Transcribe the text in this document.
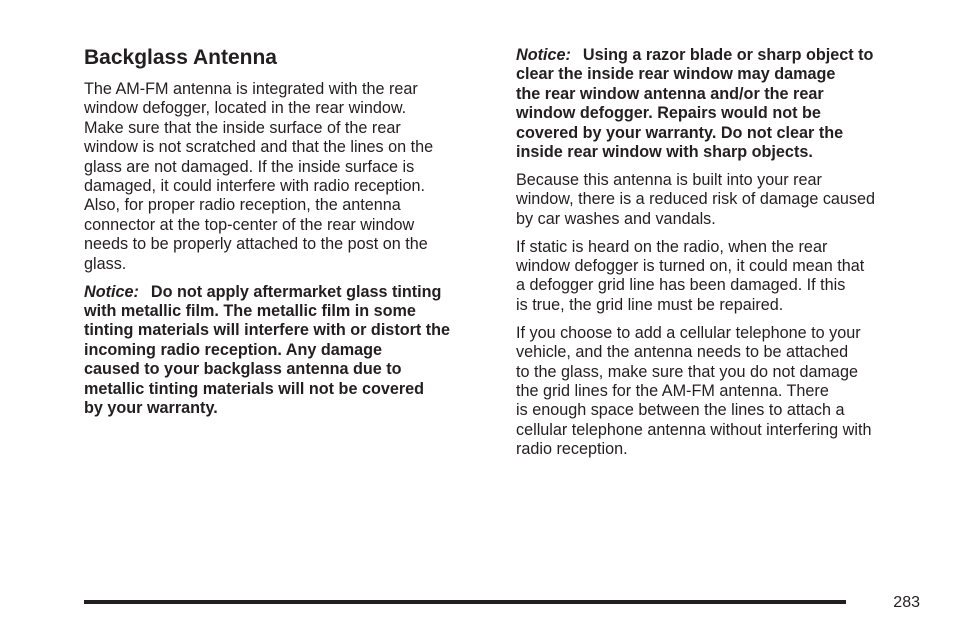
Backglass Antenna

The AM-FM antenna is integrated with the rear
window defogger, located in the rear window.
Make sure that the inside surface of the rear
window is not scratched and that the lines on the
glass are not damaged. If the inside surface is
damaged, it could interfere with radio reception.
Also, for proper radio reception, the antenna
connector at the top-center of the rear window
needs to be properly attached to the post on the
glass.

Notice: Do not apply aftermarket glass tinting
with metallic film. The metallic film in some
tinting materials will interfere with or distort the
incoming radio reception. Any damage
caused to your backglass antenna due to
metallic tinting materials will not be covered
by your warranty.

Notice: Using a razor blade or sharp object to
clear the inside rear window may damage
the rear window antenna and/or the rear
window defogger. Repairs would not be
covered by your warranty. Do not clear the
inside rear window with sharp objects.

Because this antenna is built into your rear
window, there is a reduced risk of damage caused
by car washes and vandals.

If static is heard on the radio, when the rear
window defogger is turned on, it could mean that
a defogger grid line has been damaged. If this
is true, the grid line must be repaired.

If you choose to add a cellular telephone to your
vehicle, and the antenna needs to be attached
to the glass, make sure that you do not damage
the grid lines for the AM-FM antenna. There
is enough space between the lines to attach a
cellular telephone antenna without interfering with
radio reception.

283
